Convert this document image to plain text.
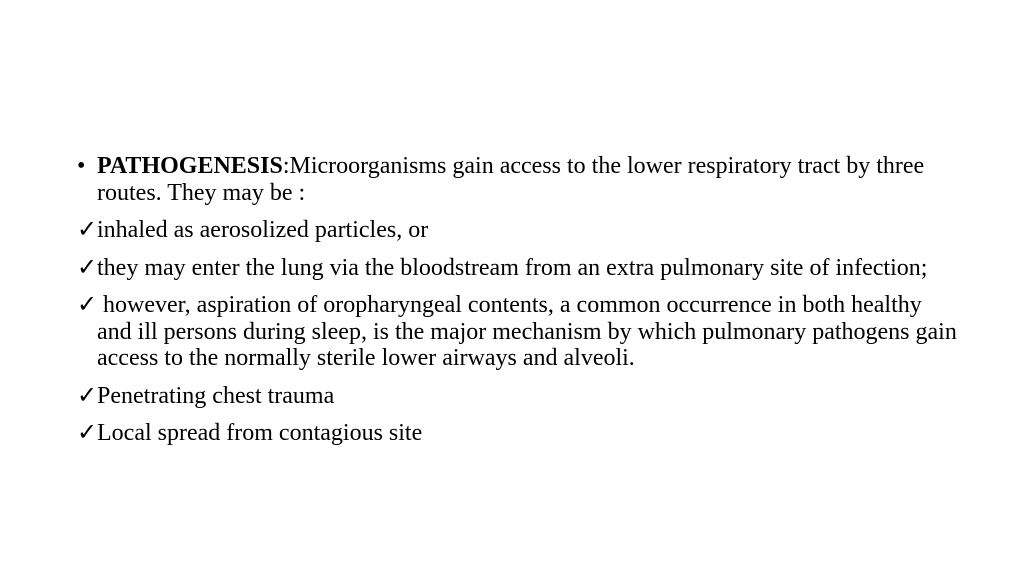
• PATHOGENESIS:Microorganisms gain access to the lower respiratory tract by three routes. They may be :
✓ inhaled as aerosolized particles, or
✓ they may enter the lung via the bloodstream from an extra pulmonary site of infection;
✓ however, aspiration of oropharyngeal contents, a common occurrence in both healthy and ill persons during sleep, is the major mechanism by which pulmonary pathogens gain access to the normally sterile lower airways and alveoli.
✓ Penetrating chest trauma
✓ Local spread from contagious site
